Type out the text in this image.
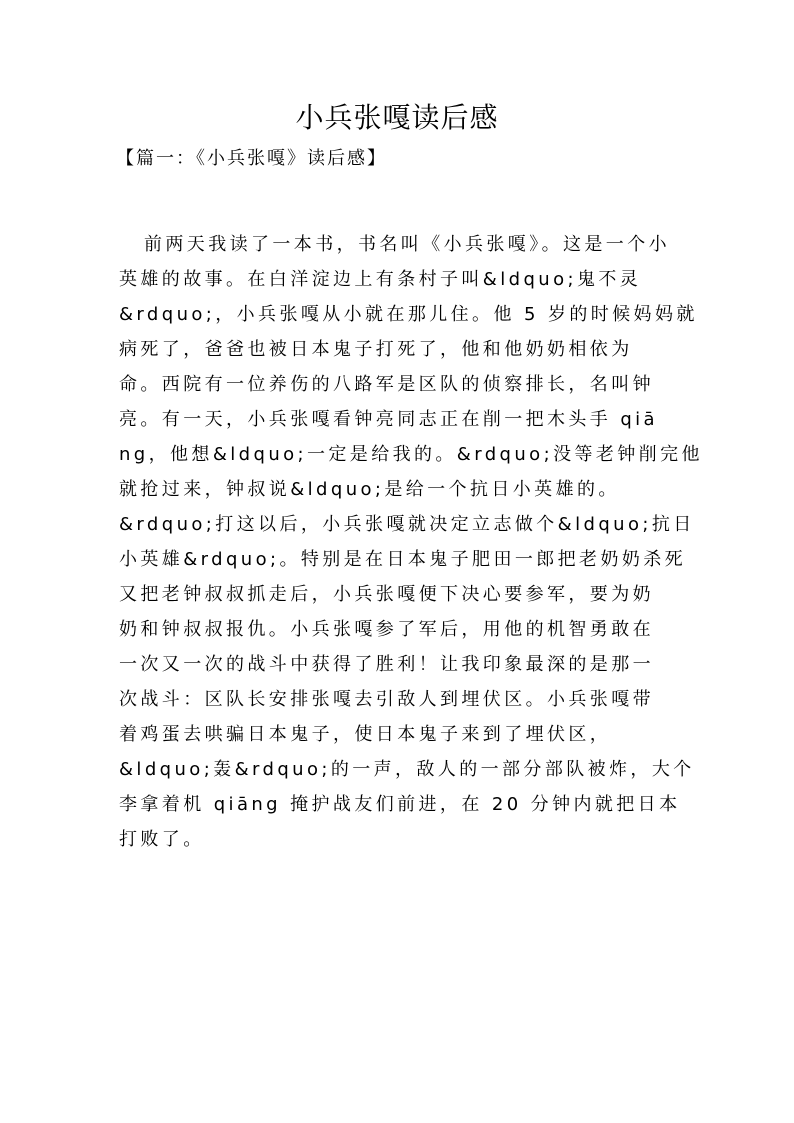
小兵张嘎读后感
【篇一：《小兵张嘎》读后感】
前两天我读了一本书，书名叫《小兵张嘎》。这是一个小
英雄的故事。在白洋淀边上有条村子叫&ldquo;鬼不灵
&rdquo;，小兵张嘎从小就在那儿住。他 5 岁的时候妈妈就
病死了，爸爸也被日本鬼子打死了，他和他奶奶相依为
命。西院有一位养伤的八路军是区队的侦察排长，名叫钟
亮。有一天，小兵张嘎看钟亮同志正在削一把木头手 qiā
ng，他想&ldquo;一定是给我的。&rdquo;没等老钟削完他
就抢过来，钟叔说&ldquo;是给一个抗日小英雄的。
&rdquo;打这以后，小兵张嘎就决定立志做个&ldquo;抗日
小英雄&rdquo;。特别是在日本鬼子肥田一郎把老奶奶杀死
又把老钟叔叔抓走后，小兵张嘎便下决心要参军，要为奶
奶和钟叔叔报仇。小兵张嘎参了军后，用他的机智勇敢在
一次又一次的战斗中获得了胜利！让我印象最深的是那一
次战斗：区队长安排张嘎去引敌人到埋伏区。小兵张嘎带
着鸡蛋去哄骗日本鬼子，使日本鬼子来到了埋伏区，
&ldquo;轰&rdquo;的一声，敌人的一部分部队被炸，大个
李拿着机 qiāng 掩护战友们前进，在 20 分钟内就把日本
打败了。
